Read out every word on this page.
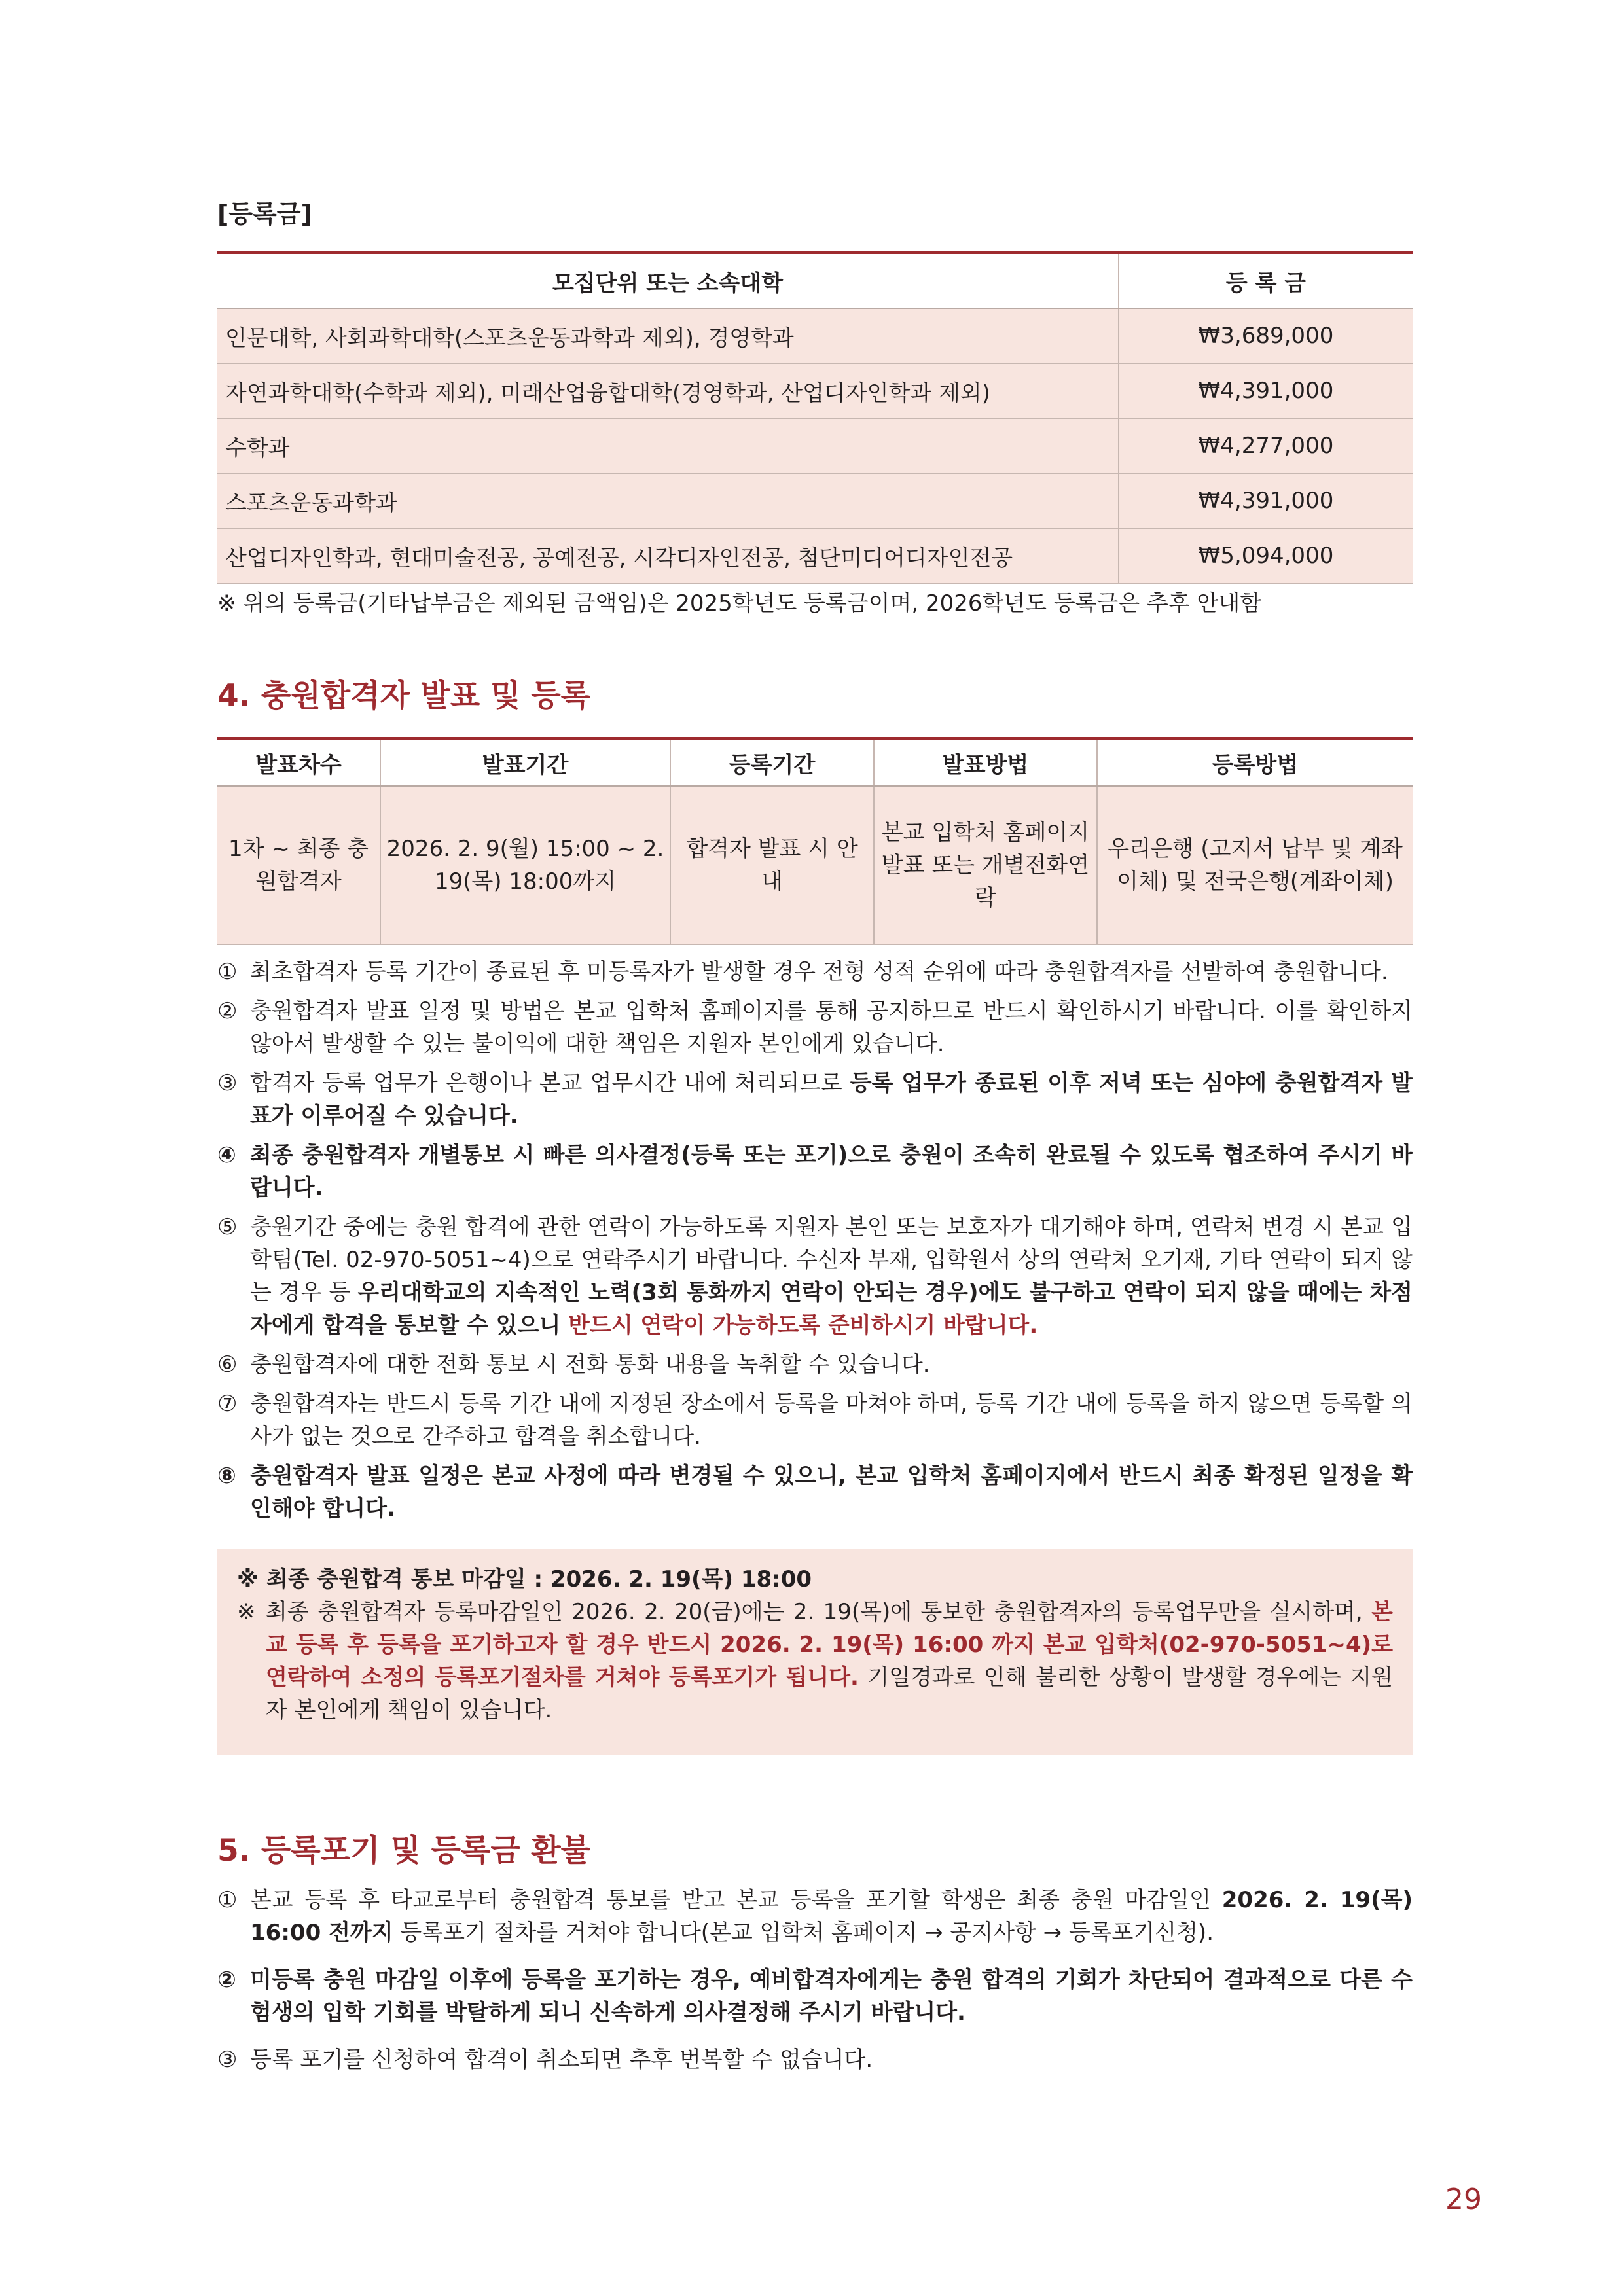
[등록금]
모집단위 또는 소속대학	등 록 금
인문대학, 사회과학대학(스포츠운동과학과 제외), 경영학과	₩3,689,000
자연과학대학(수학과 제외), 미래산업융합대학(경영학과, 산업디자인학과 제외)	₩4,391,000
수학과	₩4,277,000
스포츠운동과학과	₩4,391,000
산업디자인학과, 현대미술전공, 공예전공, 시각디자인전공, 첨단미디어디자인전공	₩5,094,000
※ 위의 등록금(기타납부금은 제외된 금액임)은 2025학년도 등록금이며, 2026학년도 등록금은 추후 안내함
4. 충원합격자 발표 및 등록
발표차수	발표기간	등록기간	발표방법	등록방법
1차 ~ 최종 충원합격자	2026. 2. 9(월) 15:00 ~ 2. 19(목) 18:00까지	합격자 발표 시 안내	본교 입학처 홈페이지 발표 또는 개별전화연락	우리은행 (고지서 납부 및 계좌이체) 및 전국은행(계좌이체)
① 최초합격자 등록 기간이 종료된 후 미등록자가 발생할 경우 전형 성적 순위에 따라 충원합격자를 선발하여 충원합니다.
② 충원합격자 발표 일정 및 방법은 본교 입학처 홈페이지를 통해 공지하므로 반드시 확인하시기 바랍니다. 이를 확인하지 않아서 발생할 수 있는 불이익에 대한 책임은 지원자 본인에게 있습니다.
③ 합격자 등록 업무가 은행이나 본교 업무시간 내에 처리되므로 등록 업무가 종료된 이후 저녁 또는 심야에 충원합격자 발표가 이루어질 수 있습니다.
④ 최종 충원합격자 개별통보 시 빠른 의사결정(등록 또는 포기)으로 충원이 조속히 완료될 수 있도록 협조하여 주시기 바랍니다.
⑤ 충원기간 중에는 충원 합격에 관한 연락이 가능하도록 지원자 본인 또는 보호자가 대기해야 하며, 연락처 변경 시 본교 입학팀(Tel. 02-970-5051~4)으로 연락주시기 바랍니다. 수신자 부재, 입학원서 상의 연락처 오기재, 기타 연락이 되지 않는 경우 등 우리대학교의 지속적인 노력(3회 통화까지 연락이 안되는 경우)에도 불구하고 연락이 되지 않을 때에는 차점자에게 합격을 통보할 수 있으니 반드시 연락이 가능하도록 준비하시기 바랍니다.
⑥ 충원합격자에 대한 전화 통보 시 전화 통화 내용을 녹취할 수 있습니다.
⑦ 충원합격자는 반드시 등록 기간 내에 지정된 장소에서 등록을 마쳐야 하며, 등록 기간 내에 등록을 하지 않으면 등록할 의사가 없는 것으로 간주하고 합격을 취소합니다.
⑧ 충원합격자 발표 일정은 본교 사정에 따라 변경될 수 있으니, 본교 입학처 홈페이지에서 반드시 최종 확정된 일정을 확인해야 합니다.
※ 최종 충원합격 통보 마감일 : 2026. 2. 19(목) 18:00
※ 최종 충원합격자 등록마감일인 2026. 2. 20(금)에는 2. 19(목)에 통보한 충원합격자의 등록업무만을 실시하며, 본교 등록 후 등록을 포기하고자 할 경우 반드시 2026. 2. 19(목) 16:00 까지 본교 입학처(02-970-5051~4)로 연락하여 소정의 등록포기절차를 거쳐야 등록포기가 됩니다. 기일경과로 인해 불리한 상황이 발생할 경우에는 지원자 본인에게 책임이 있습니다.
5. 등록포기 및 등록금 환불
① 본교 등록 후 타교로부터 충원합격 통보를 받고 본교 등록을 포기할 학생은 최종 충원 마감일인 2026. 2. 19(목) 16:00 전까지 등록포기 절차를 거쳐야 합니다(본교 입학처 홈페이지 → 공지사항 → 등록포기신청).
② 미등록 충원 마감일 이후에 등록을 포기하는 경우, 예비합격자에게는 충원 합격의 기회가 차단되어 결과적으로 다른 수험생의 입학 기회를 박탈하게 되니 신속하게 의사결정해 주시기 바랍니다.
③ 등록 포기를 신청하여 합격이 취소되면 추후 번복할 수 없습니다.
29
